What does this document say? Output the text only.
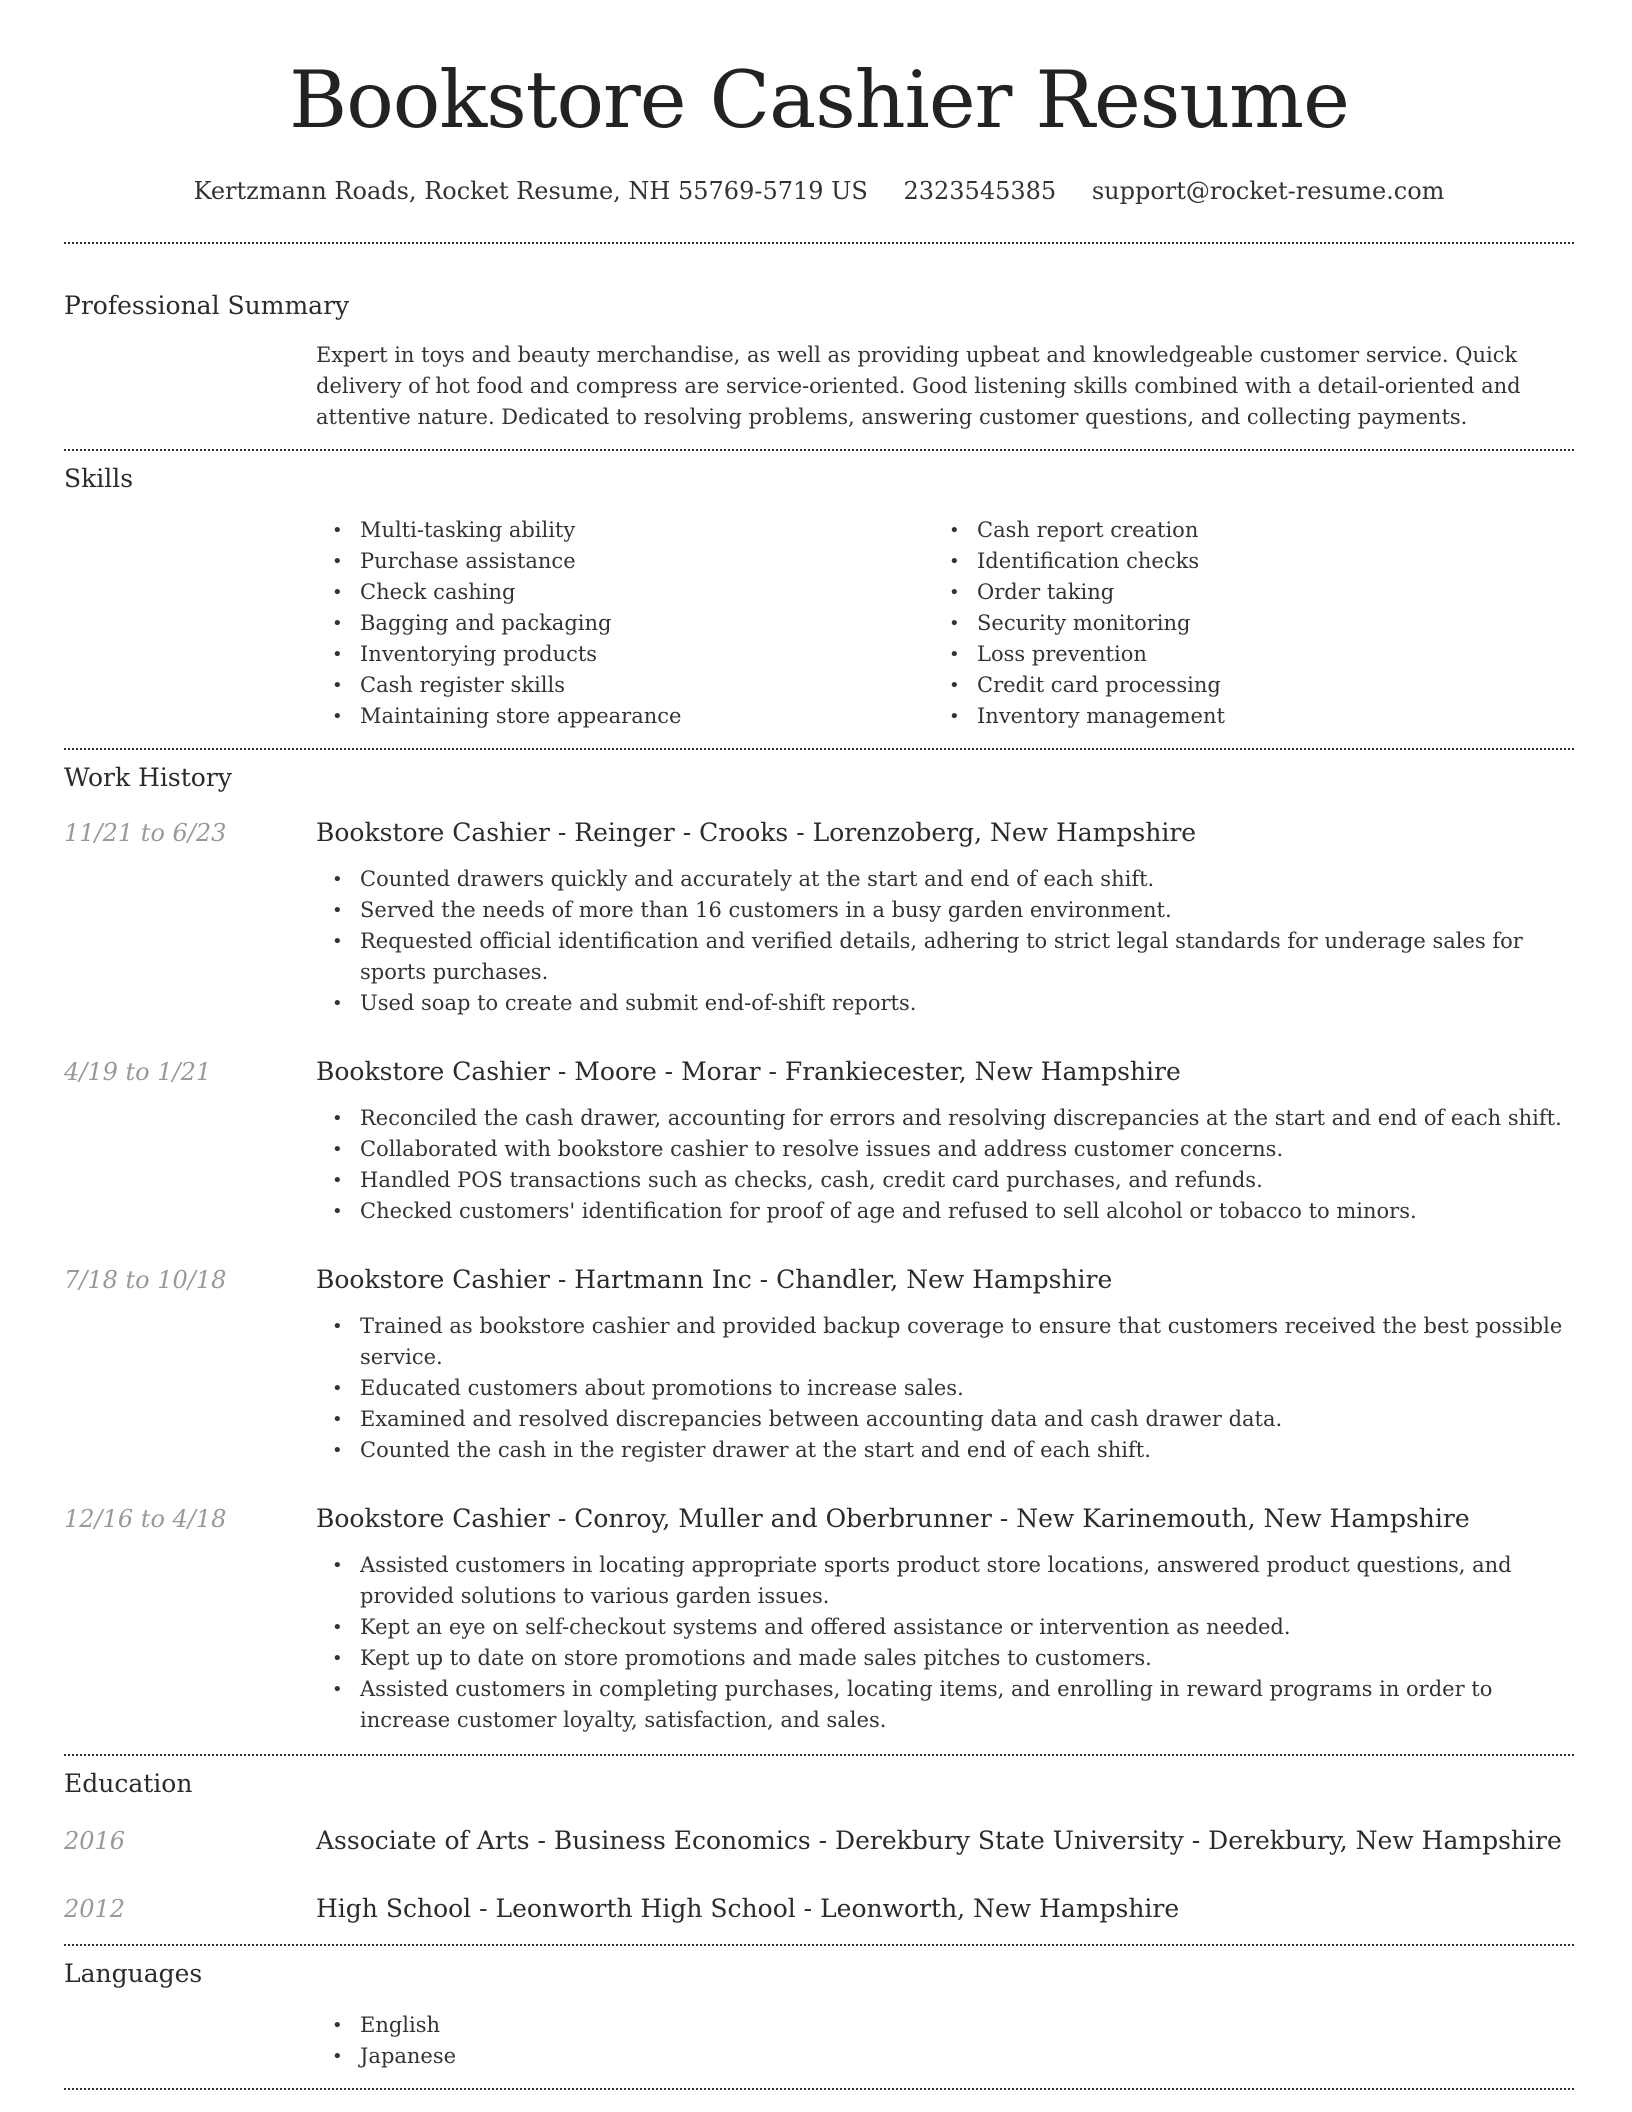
Bookstore Cashier Resume
Kertzmann Roads, Rocket Resume, NH 55769-5719 US 2323545385 support@rocket-resume.com
Professional Summary

Expert in toys and beauty merchandise, as well as providing upbeat and knowledgeable customer service. Quick delivery of hot food and compress are service-oriented. Good listening skills combined with a detail-oriented and attentive nature. Dedicated to resolving problems, answering customer questions, and collecting payments.

Skills
• Multi-tasking ability
• Purchase assistance
• Check cashing
• Bagging and packaging
• Inventorying products
• Cash register skills
• Maintaining store appearance
• Cash report creation
• Identification checks
• Order taking
• Security monitoring
• Loss prevention
• Credit card processing
• Inventory management
Work History
11/21 to 6/23	Bookstore Cashier - Reinger - Crooks - Lorenzoberg, New Hampshire
• Counted drawers quickly and accurately at the start and end of each shift.
• Served the needs of more than 16 customers in a busy garden environment.
• Requested official identification and verified details, adhering to strict legal standards for underage sales for sports purchases.
• Used soap to create and submit end-of-shift reports.
4/19 to 1/21	Bookstore Cashier - Moore - Morar - Frankiecester, New Hampshire
• Reconciled the cash drawer, accounting for errors and resolving discrepancies at the start and end of each shift.
• Collaborated with bookstore cashier to resolve issues and address customer concerns.
• Handled POS transactions such as checks, cash, credit card purchases, and refunds.
• Checked customers' identification for proof of age and refused to sell alcohol or tobacco to minors.
7/18 to 10/18	Bookstore Cashier - Hartmann Inc - Chandler, New Hampshire
• Trained as bookstore cashier and provided backup coverage to ensure that customers received the best possible service.
• Educated customers about promotions to increase sales.
• Examined and resolved discrepancies between accounting data and cash drawer data.
• Counted the cash in the register drawer at the start and end of each shift.
12/16 to 4/18	Bookstore Cashier - Conroy, Muller and Oberbrunner - New Karinemouth, New Hampshire
• Assisted customers in locating appropriate sports product store locations, answered product questions, and provided solutions to various garden issues.
• Kept an eye on self-checkout systems and offered assistance or intervention as needed.
• Kept up to date on store promotions and made sales pitches to customers.
• Assisted customers in completing purchases, locating items, and enrolling in reward programs in order to increase customer loyalty, satisfaction, and sales.
Education
2016	Associate of Arts - Business Economics - Derekbury State University - Derekbury, New Hampshire
2012	High School - Leonworth High School - Leonworth, New Hampshire
Languages
• English
• Japanese
